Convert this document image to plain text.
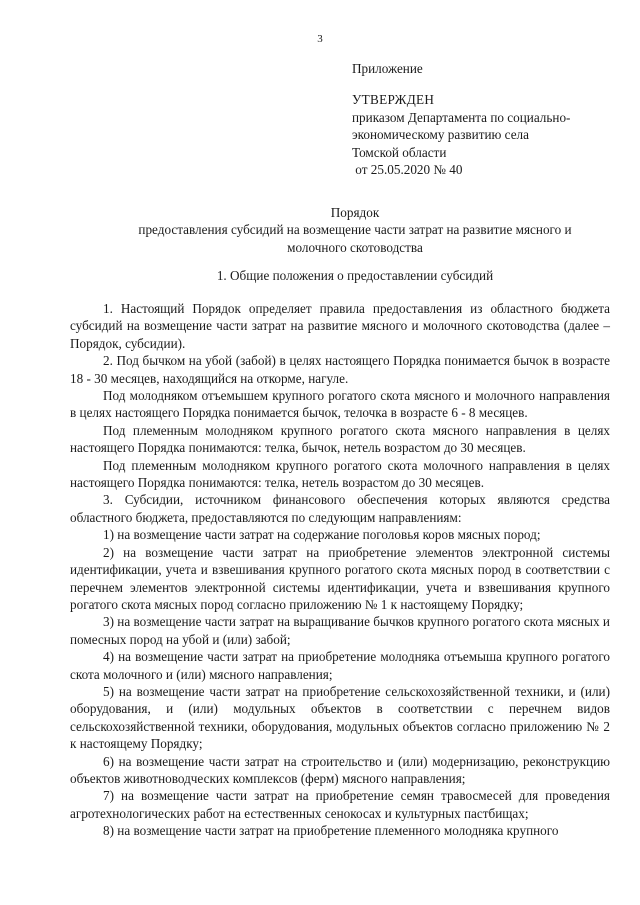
3
Приложение
УТВЕРЖДЕН
приказом Департамента по социально-
экономическому развитию села
Томской области
от 25.05.2020 № 40
Порядок
предоставления субсидий на возмещение части затрат на развитие мясного и
молочного скотоводства
1. Общие положения о предоставлении субсидий

1. Настоящий Порядок определяет правила предоставления из областного бюджета субсидий на возмещение части затрат на развитие мясного и молочного скотоводства (далее – Порядок, субсидии).

2. Под бычком на убой (забой) в целях настоящего Порядка понимается бычок в возрасте 18 - 30 месяцев, находящийся на откорме, нагуле.

Под молодняком отъемышем крупного рогатого скота мясного и молочного направления в целях настоящего Порядка понимается бычок, телочка в возрасте 6 - 8 месяцев.

Под племенным молодняком крупного рогатого скота мясного направления в целях настоящего Порядка понимаются: телка, бычок, нетель возрастом до 30 месяцев.

Под племенным молодняком крупного рогатого скота молочного направления в целях настоящего Порядка понимаются: телка, нетель возрастом до 30 месяцев.

3. Субсидии, источником финансового обеспечения которых являются средства областного бюджета, предоставляются по следующим направлениям:

1) на возмещение части затрат на содержание поголовья коров мясных пород;

2) на возмещение части затрат на приобретение элементов электронной системы идентификации, учета и взвешивания крупного рогатого скота мясных пород в соответствии с перечнем элементов электронной системы идентификации, учета и взвешивания крупного рогатого скота мясных пород согласно приложению № 1 к настоящему Порядку;

3) на возмещение части затрат на выращивание бычков крупного рогатого скота мясных и помесных пород на убой и (или) забой;

4) на возмещение части затрат на приобретение молодняка отъемыша крупного рогатого скота молочного и (или) мясного направления;

5) на возмещение части затрат на приобретение сельскохозяйственной техники, и (или) оборудования, и (или) модульных объектов в соответствии с перечнем видов сельскохозяйственной техники, оборудования, модульных объектов согласно приложению № 2 к настоящему Порядку;

6) на возмещение части затрат на строительство и (или) модернизацию, реконструкцию объектов животноводческих комплексов (ферм) мясного направления;

7) на возмещение части затрат на приобретение семян травосмесей для проведения агротехнологических работ на естественных сенокосах и культурных пастбищах;

8) на возмещение части затрат на приобретение племенного молодняка крупного
